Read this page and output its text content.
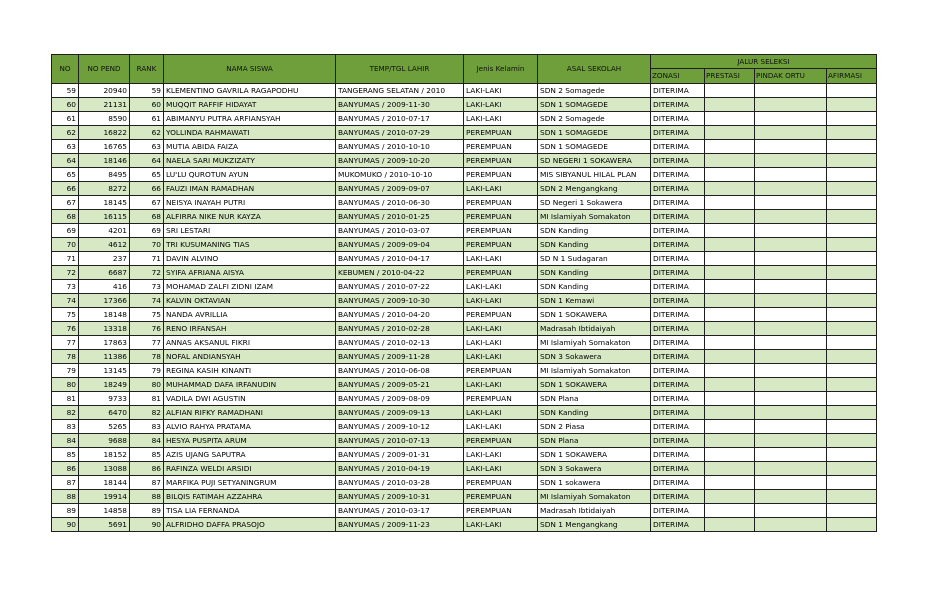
NO	NO PEND	RANK	NAMA SISWA	TEMP/TGL LAHIR	Jenis Kelamin	ASAL SEKOLAH	JALUR SELEKSI			
							ZONASI	PRESTASI	PINDAK ORTU	AFIRMASI
59	20940	59	KLEMENTINO GAVRILA RAGAPODHU	TANGERANG SELATAN / 2010	LAKI-LAKI	SDN 2 Somagede	DITERIMA			
60	21131	60	MUQQIT RAFFIF HIDAYAT	BANYUMAS / 2009-11-30	LAKI-LAKI	SDN 1 SOMAGEDE	DITERIMA			
61	8590	61	ABIMANYU PUTRA ARFIANSYAH	BANYUMAS / 2010-07-17	LAKI-LAKI	SDN 2 Somagede	DITERIMA			
62	16822	62	YOLLINDA RAHMAWATI	BANYUMAS / 2010-07-29	PEREMPUAN	SDN 1 SOMAGEDE	DITERIMA			
63	16765	63	MUTIA ABIDA FAIZA	BANYUMAS / 2010-10-10	PEREMPUAN	SDN 1 SOMAGEDE	DITERIMA			
64	18146	64	NAELA SARI MUKZIZATY	BANYUMAS / 2009-10-20	PEREMPUAN	SD NEGERI 1 SOKAWERA	DITERIMA			
65	8495	65	LU'LU QUROTUN AYUN	MUKOMUKO / 2010-10-10	PEREMPUAN	MIS SIBYANUL HILAL PLAN	DITERIMA			
66	8272	66	FAUZI IMAN RAMADHAN	BANYUMAS / 2009-09-07	LAKI-LAKI	SDN 2 Mengangkang	DITERIMA			
67	18145	67	NEISYA INAYAH PUTRI	BANYUMAS / 2010-06-30	PEREMPUAN	SD Negeri 1 Sokawera	DITERIMA			
68	16115	68	ALFIRRA NIKE NUR KAYZA	BANYUMAS / 2010-01-25	PEREMPUAN	MI Islamiyah Somakaton	DITERIMA			
69	4201	69	SRI LESTARI	BANYUMAS / 2010-03-07	PEREMPUAN	SDN Kanding	DITERIMA			
70	4612	70	TRI KUSUMANING TIAS	BANYUMAS / 2009-09-04	PEREMPUAN	SDN Kanding	DITERIMA			
71	237	71	DAVIN ALVINO	BANYUMAS / 2010-04-17	LAKI-LAKI	SD N 1 Sudagaran	DITERIMA			
72	6687	72	SYIFA AFRIANA AISYA	KEBUMEN / 2010-04-22	PEREMPUAN	SDN Kanding	DITERIMA			
73	416	73	MOHAMAD ZALFI ZIDNI IZAM	BANYUMAS / 2010-07-22	LAKI-LAKI	SDN Kanding	DITERIMA			
74	17366	74	KALVIN OKTAVIAN	BANYUMAS / 2009-10-30	LAKI-LAKI	SDN 1 Kemawi	DITERIMA			
75	18148	75	NANDA AVRILLIA	BANYUMAS / 2010-04-20	PEREMPUAN	SDN 1 SOKAWERA	DITERIMA			
76	13318	76	RENO IRFANSAH	BANYUMAS / 2010-02-28	LAKI-LAKI	Madrasah Ibtidaiyah	DITERIMA			
77	17863	77	ANNAS AKSANUL FIKRI	BANYUMAS / 2010-02-13	LAKI-LAKI	MI Islamiyah Somakaton	DITERIMA			
78	11386	78	NOFAL ANDIANSYAH	BANYUMAS / 2009-11-28	LAKI-LAKI	SDN 3 Sokawera	DITERIMA			
79	13145	79	REGINA KASIH KINANTI	BANYUMAS / 2010-06-08	PEREMPUAN	MI Islamiyah Somakaton	DITERIMA			
80	18249	80	MUHAMMAD DAFA IRFANUDIN	BANYUMAS / 2009-05-21	LAKI-LAKI	SDN 1 SOKAWERA	DITERIMA			
81	9733	81	VADILA DWI AGUSTIN	BANYUMAS / 2009-08-09	PEREMPUAN	SDN Plana	DITERIMA			
82	6470	82	ALFIAN RIFKY RAMADHANI	BANYUMAS / 2009-09-13	LAKI-LAKI	SDN Kanding	DITERIMA			
83	5265	83	ALVIO RAHYA PRATAMA	BANYUMAS / 2009-10-12	LAKI-LAKI	SDN 2 Piasa	DITERIMA			
84	9688	84	HESYA PUSPITA ARUM	BANYUMAS / 2010-07-13	PEREMPUAN	SDN Plana	DITERIMA			
85	18152	85	AZIS UJANG SAPUTRA	BANYUMAS / 2009-01-31	LAKI-LAKI	SDN 1 SOKAWERA	DITERIMA			
86	13088	86	RAFINZA WELDI ARSIDI	BANYUMAS / 2010-04-19	LAKI-LAKI	SDN 3 Sokawera	DITERIMA			
87	18144	87	MARFIKA PUJI SETYANINGRUM	BANYUMAS / 2010-03-28	PEREMPUAN	SDN 1 sokawera	DITERIMA			
88	19914	88	BILQIS FATIMAH AZZAHRA	BANYUMAS / 2009-10-31	PEREMPUAN	MI Islamiyah Somakaton	DITERIMA			
89	14858	89	TISA LIA FERNANDA	BANYUMAS / 2010-03-17	PEREMPUAN	Madrasah Ibtidaiyah	DITERIMA			
90	5691	90	ALFRIDHO DAFFA PRASOJO	BANYUMAS / 2009-11-23	LAKI-LAKI	SDN 1 Mengangkang	DITERIMA			
